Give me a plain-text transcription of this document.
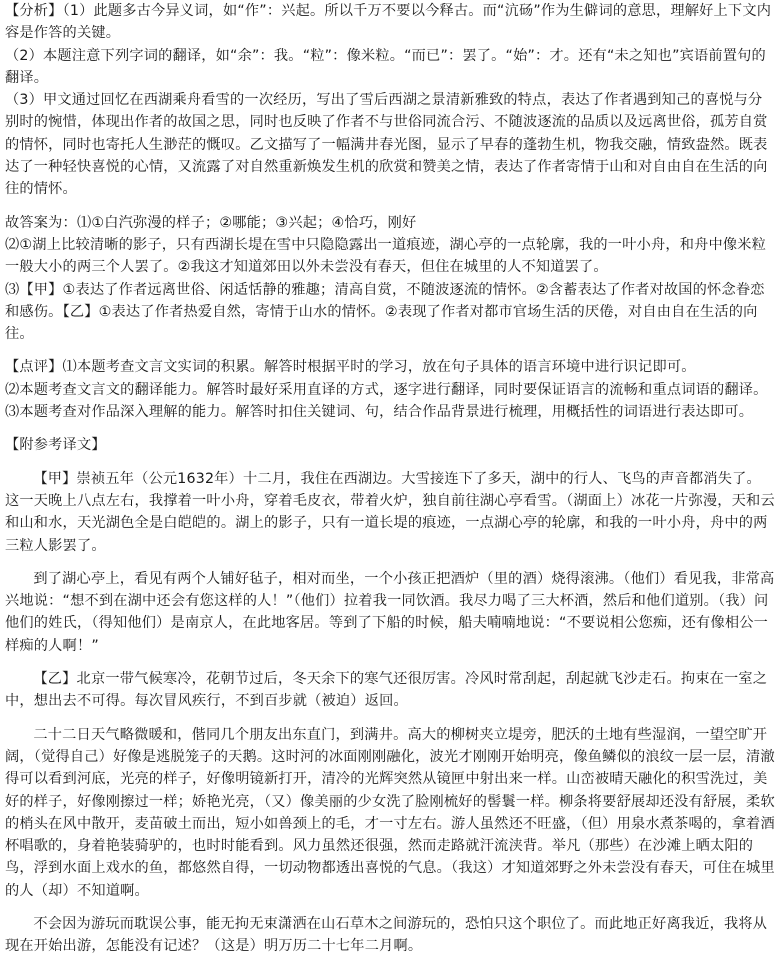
【分析】（1）此题多古今异义词，如“作”：兴起。所以千万不要以今释古。而“沆砀”作为生僻词的意思，理解好上下文内容是作答的关键。

（2）本题注意下列字词的翻译，如“余”：我。“粒”：像米粒。“而已”：罢了。“始”：才。还有“未之知也”宾语前置句的翻译。

（3）甲文通过回忆在西湖乘舟看雪的一次经历，写出了雪后西湖之景清新雅致的特点，表达了作者遇到知己的喜悦与分别时的惋惜，体现出作者的故国之思，同时也反映了作者不与世俗同流合污、不随波逐流的品质以及远离世俗，孤芳自赏的情怀，同时也寄托人生渺茫的慨叹。乙文描写了一幅满井春光图，显示了早春的蓬勃生机，物我交融，情致盎然。既表达了一种轻快喜悦的心情，又流露了对自然重新焕发生机的欣赏和赞美之情，表达了作者寄情于山和对自由自在生活的向往的情怀。

故答案为：⑴①白汽弥漫的样子；②哪能；③兴起；④恰巧，刚好

⑵①湖上比较清晰的影子，只有西湖长堤在雪中只隐隐露出一道痕迹，湖心亭的一点轮廓，我的一叶小舟，和舟中像米粒一般大小的两三个人罢了。②我这才知道郊田以外未尝没有春天，但住在城里的人不知道罢了。

⑶【甲】①表达了作者远离世俗、闲适恬静的雅趣；清高自赏，不随波逐流的情怀。②含蓄表达了作者对故国的怀念眷恋和感伤。【乙】①表达了作者热爱自然，寄情于山水的情怀。②表现了作者对都市官场生活的厌倦，对自由自在生活的向往。

【点评】⑴本题考查文言文实词的积累。解答时根据平时的学习，放在句子具体的语言环境中进行识记即可。

⑵本题考查文言文的翻译能力。解答时最好采用直译的方式，逐字进行翻译，同时要保证语言的流畅和重点词语的翻译。

⑶本题考查对作品深入理解的能力。解答时扣住关键词、句，结合作品背景进行梳理，用概括性的词语进行表达即可。

【附参考译文】

【甲】崇祯五年（公元1632年）十二月，我住在西湖边。大雪接连下了多天，湖中的行人、飞鸟的声音都消失了。这一天晚上八点左右，我撑着一叶小舟，穿着毛皮衣，带着火炉，独自前往湖心亭看雪。（湖面上）冰花一片弥漫，天和云和山和水，天光湖色全是白皑皑的。湖上的影子，只有一道长堤的痕迹，一点湖心亭的轮廓，和我的一叶小舟，舟中的两三粒人影罢了。

到了湖心亭上，看见有两个人铺好毡子，相对而坐，一个小孩正把酒炉（里的酒）烧得滚沸。（他们）看见我，非常高兴地说：“想不到在湖中还会有您这样的人！”（他们）拉着我一同饮酒。我尽力喝了三大杯酒，然后和他们道别。（我）问他们的姓氏，（得知他们）是南京人，在此地客居。等到了下船的时候，船夫喃喃地说：“不要说相公您痴，还有像相公一样痴的人啊！”

【乙】北京一带气候寒冷，花朝节过后，冬天余下的寒气还很厉害。冷风时常刮起，刮起就飞沙走石。拘束在一室之中，想出去不可得。每次冒风疾行，不到百步就（被迫）返回。

二十二日天气略微暖和，偕同几个朋友出东直门，到满井。高大的柳树夹立堤旁，肥沃的土地有些湿润，一望空旷开阔，（觉得自己）好像是逃脱笼子的天鹅。这时河的冰面刚刚融化，波光才刚刚开始明亮，像鱼鳞似的浪纹一层一层，清澈得可以看到河底，光亮的样子，好像明镜新打开，清冷的光辉突然从镜匣中射出来一样。山峦被晴天融化的积雪洗过，美好的样子，好像刚擦过一样；娇艳光亮，（又）像美丽的少女洗了脸刚梳好的髻鬟一样。柳条将要舒展却还没有舒展，柔软的梢头在风中散开，麦苗破土而出，短小如兽颈上的毛，才一寸左右。游人虽然还不旺盛，（但）用泉水煮茶喝的，拿着酒杯唱歌的，身着艳装骑驴的，也时时能看到。风力虽然还很强，然而走路就汗流浃背。举凡（那些）在沙滩上晒太阳的鸟，浮到水面上戏水的鱼，都悠然自得，一切动物都透出喜悦的气息。（我这）才知道郊野之外未尝没有春天，可住在城里的人（却）不知道啊。

不会因为游玩而耽误公事，能无拘无束潇洒在山石草木之间游玩的，恐怕只这个职位了。而此地正好离我近，我将从现在开始出游，怎能没有记述？（这是）明万历二十七年二月啊。
